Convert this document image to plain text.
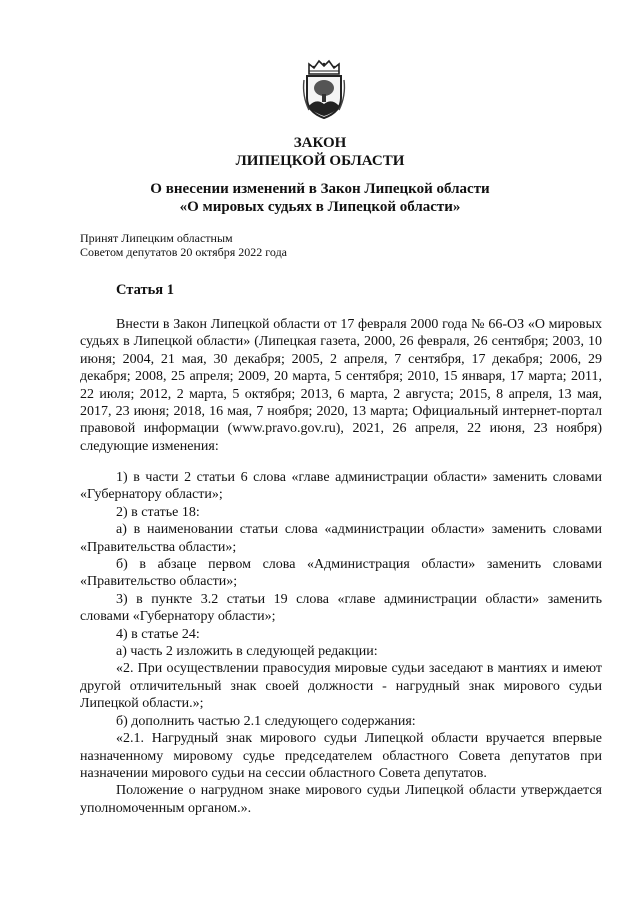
ЗАКОН
ЛИПЕЦКОЙ ОБЛАСТИ
О внесении изменений в Закон Липецкой области
«О мировых судьях в Липецкой области»
Принят Липецким областным
Советом депутатов 20 октября 2022 года
Статья 1

Внести в Закон Липецкой области от 17 февраля 2000 года № 66-ОЗ «О мировых судьях в Липецкой области» (Липецкая газета, 2000, 26 февраля, 26 сентября; 2003, 10 июня; 2004, 21 мая, 30 декабря; 2005, 2 апреля, 7 сентября, 17 декабря; 2006, 29 декабря; 2008, 25 апреля; 2009, 20 марта, 5 сентября; 2010, 15 января, 17 марта; 2011, 22 июля; 2012, 2 марта, 5 октября; 2013, 6 марта, 2 августа; 2015, 8 апреля, 13 мая, 2017, 23 июня; 2018, 16 мая, 7 ноября; 2020, 13 марта; Официальный интернет-портал правовой информации (www.pravo.gov.ru), 2021, 26 апреля, 22 июня, 23 ноября) следующие изменения:

1) в части 2 статьи 6 слова «главе администрации области» заменить словами «Губернатору области»;

2) в статье 18:

а) в наименовании статьи слова «администрации области» заменить словами «Правительства области»;

б) в абзаце первом слова «Администрация области» заменить словами «Правительство области»;

3) в пункте 3.2 статьи 19 слова «главе администрации области» заменить словами «Губернатору области»;

4) в статье 24:

а) часть 2 изложить в следующей редакции:

«2. При осуществлении правосудия мировые судьи заседают в мантиях и имеют другой отличительный знак своей должности - нагрудный знак мирового судьи Липецкой области.»;

б) дополнить частью 2.1 следующего содержания:

«2.1. Нагрудный знак мирового судьи Липецкой области вручается впервые назначенному мировому судье председателем областного Совета депутатов при назначении мирового судьи на сессии областного Совета депутатов.

Положение о нагрудном знаке мирового судьи Липецкой области утверждается уполномоченным органом.».
